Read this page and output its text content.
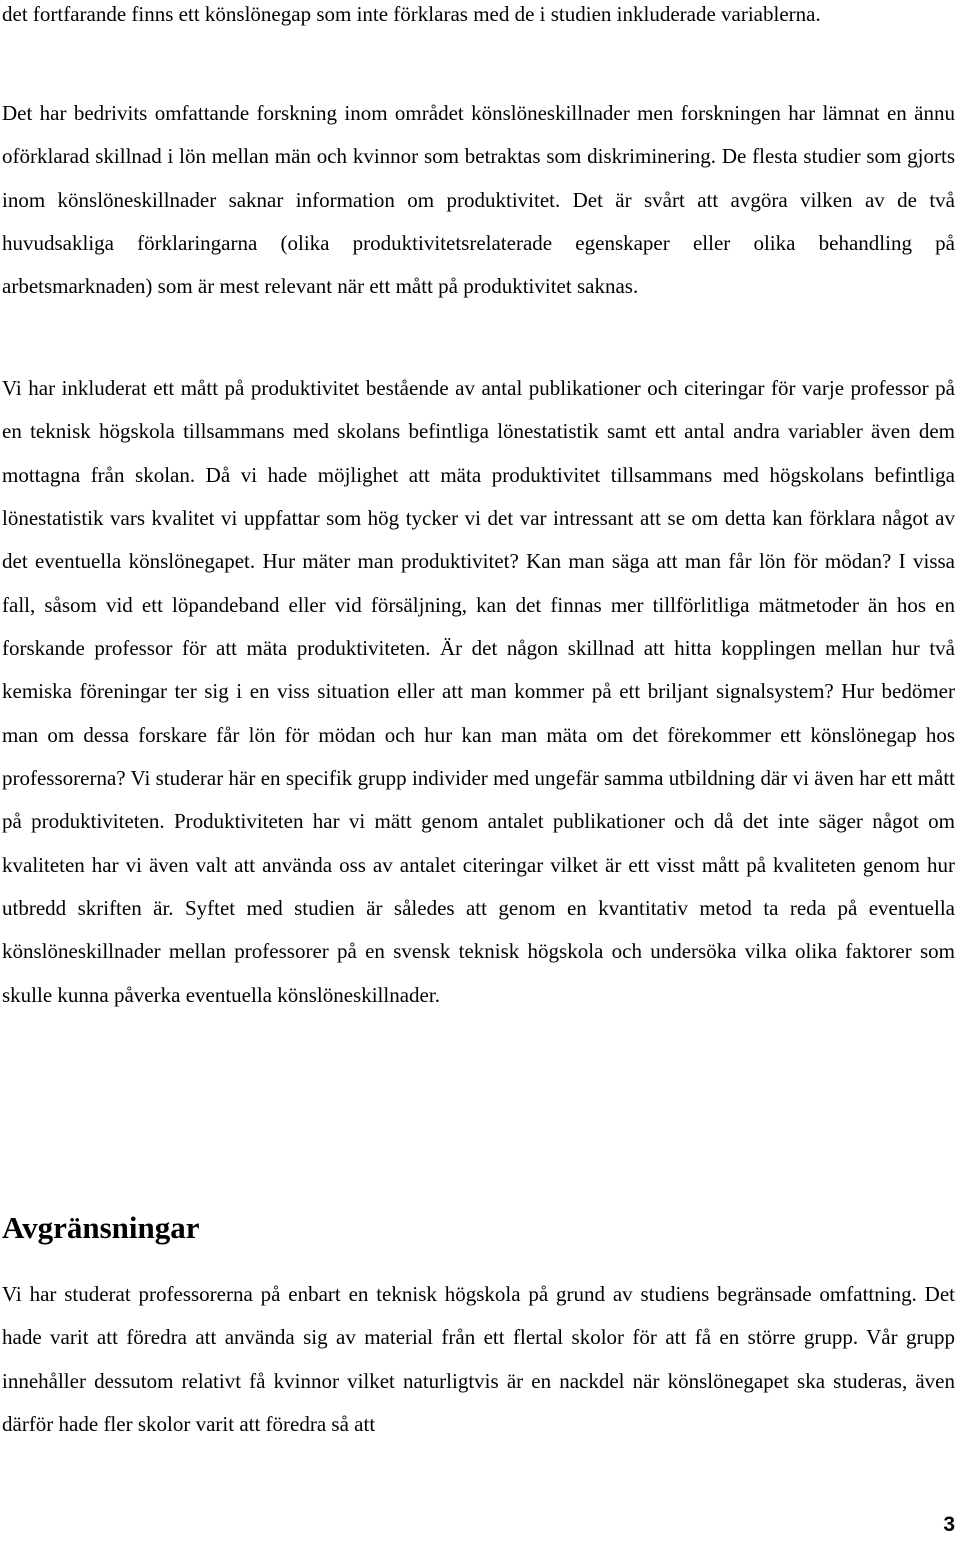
det fortfarande finns ett könslönegap som inte förklaras med de i studien inkluderade variablerna.

Det har bedrivits omfattande forskning inom området könslöneskillnader men forskningen har lämnat en ännu oförklarad skillnad i lön mellan män och kvinnor som betraktas som diskriminering. De flesta studier som gjorts inom könslöneskillnader saknar information om produktivitet. Det är svårt att avgöra vilken av de två huvudsakliga förklaringarna (olika produktivitetsrelaterade egenskaper eller olika behandling på arbetsmarknaden) som är mest relevant när ett mått på produktivitet saknas.

Vi har inkluderat ett mått på produktivitet bestående av antal publikationer och citeringar för varje professor på en teknisk högskola tillsammans med skolans befintliga lönestatistik samt ett antal andra variabler även dem mottagna från skolan. Då vi hade möjlighet att mäta produktivitet tillsammans med högskolans befintliga lönestatistik vars kvalitet vi uppfattar som hög tycker vi det var intressant att se om detta kan förklara något av det eventuella könslönegapet. Hur mäter man produktivitet? Kan man säga att man får lön för mödan? I vissa fall, såsom vid ett löpandeband eller vid försäljning, kan det finnas mer tillförlitliga mätmetoder än hos en forskande professor för att mäta produktiviteten. Är det någon skillnad att hitta kopplingen mellan hur två kemiska föreningar ter sig i en viss situation eller att man kommer på ett briljant signalsystem? Hur bedömer man om dessa forskare får lön för mödan och hur kan man mäta om det förekommer ett könslönegap hos professorerna? Vi studerar här en specifik grupp individer med ungefär samma utbildning där vi även har ett mått på produktiviteten. Produktiviteten har vi mätt genom antalet publikationer och då det inte säger något om kvaliteten har vi även valt att använda oss av antalet citeringar vilket är ett visst mått på kvaliteten genom hur utbredd skriften är. Syftet med studien är således att genom en kvantitativ metod ta reda på eventuella könslöneskillnader mellan professorer på en svensk teknisk högskola och undersöka vilka olika faktorer som skulle kunna påverka eventuella könslöneskillnader.

Avgränsningar

Vi har studerat professorerna på enbart en teknisk högskola på grund av studiens begränsade omfattning. Det hade varit att föredra att använda sig av material från ett flertal skolor för att få en större grupp. Vår grupp innehåller dessutom relativt få kvinnor vilket naturligtvis är en nackdel när könslönegapet ska studeras, även därför hade fler skolor varit att föredra så att

3
